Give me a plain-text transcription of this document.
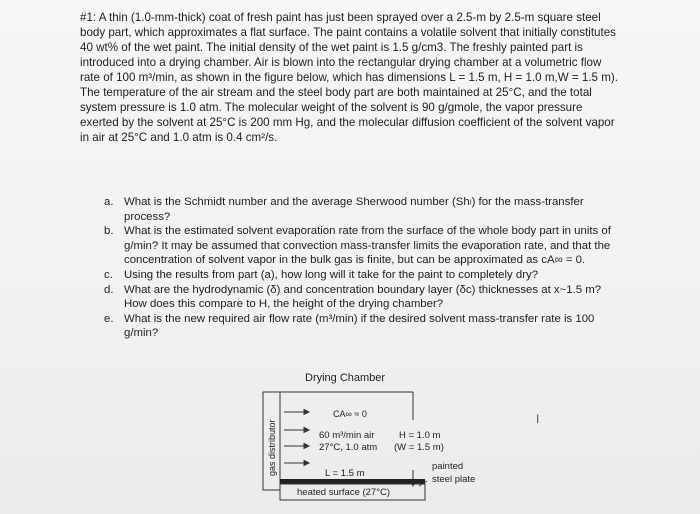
#1: A thin (1.0-mm-thick) coat of fresh paint has just been sprayed over a 2.5-m by 2.5-m square steel body part, which approximates a flat surface. The paint contains a volatile solvent that initially constitutes 40 wt% of the wet paint. The initial density of the wet paint is 1.5 g/cm3. The freshly painted part is introduced into a drying chamber. Air is blown into the rectangular drying chamber at a volumetric flow rate of 100 m³/min, as shown in the figure below, which has dimensions L = 1.5 m, H = 1.0 m,W = 1.5 m). The temperature of the air stream and the steel body part are both maintained at 25°C, and the total system pressure is 1.0 atm. The molecular weight of the solvent is 90 g/gmole, the vapor pressure exerted by the solvent at 25°C is 200 mm Hg, and the molecular diffusion coefficient of the solvent vapor in air at 25°C and 1.0 atm is 0.4 cm²/s.

a. What is the Schmidt number and the average Sherwood number (Shₗ) for the mass-transfer process?
b. What is the estimated solvent evaporation rate from the surface of the whole body part in units of g/min? It may be assumed that convection mass-transfer limits the evaporation rate, and that the concentration of solvent vapor in the bulk gas is finite, but can be approximated as cA∞ = 0.
c. Using the results from part (a), how long will it take for the paint to completely dry?
d. What are the hydrodynamic (δ) and concentration boundary layer (δc) thicknesses at x~1.5 m? How does this compare to H, the height of the drying chamber?
e. What is the new required air flow rate (m³/min) if the desired solvent mass-transfer rate is 100 g/min?
Drying Chamber
gas distributor
CA∞ ≈ 0
60 m³/min air	H = 1.0 m
27°C, 1.0 atm (W = 1.5 m)
L = 1.5 m
painted
steel plate
heated surface (27°C)
I
